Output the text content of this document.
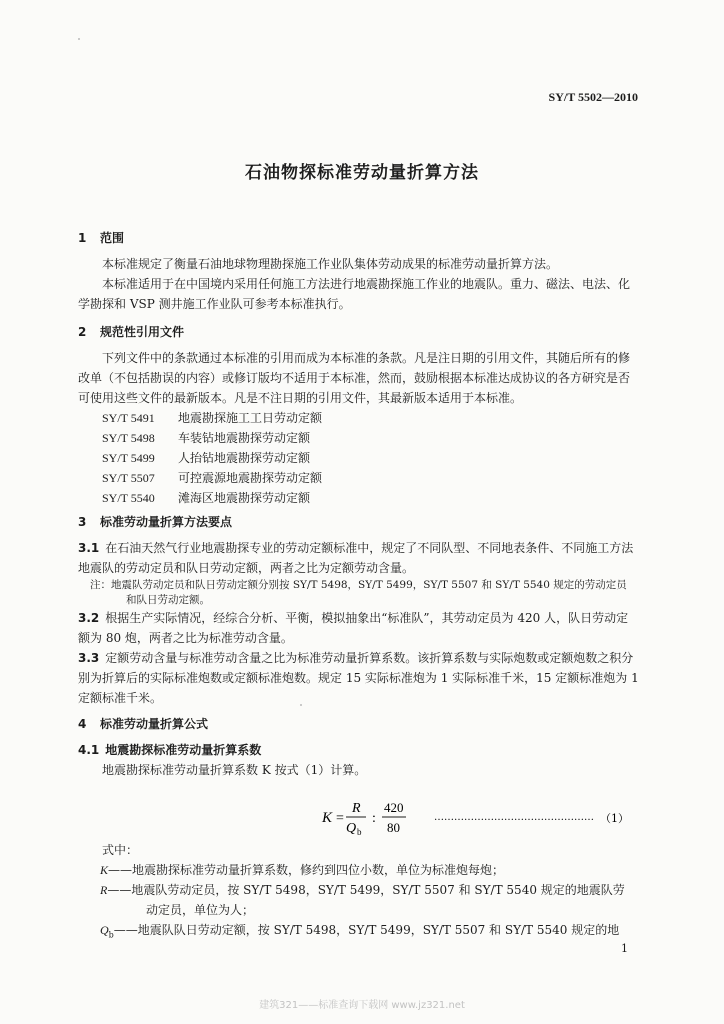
SY/T 5502—2010
石油物探标准劳动量折算方法
1 范围
本标准规定了衡量石油地球物理勘探施工作业队集体劳动成果的标准劳动量折算方法。
本标准适用于在中国境内采用任何施工方法进行地震勘探施工作业的地震队。重力、磁法、电法、化学勘探和 VSP 测井施工作业队可参考本标准执行。
2 规范性引用文件
下列文件中的条款通过本标准的引用而成为本标准的条款。凡是注日期的引用文件，其随后所有的修改单（不包括勘误的内容）或修订版均不适用于本标准，然而，鼓励根据本标准达成协议的各方研究是否可使用这些文件的最新版本。凡是不注日期的引用文件，其最新版本适用于本标准。
SY/T 5491 地震勘探施工工日劳动定额
SY/T 5498 车装钻地震勘探劳动定额
SY/T 5499 人抬钻地震勘探劳动定额
SY/T 5507 可控震源地震勘探劳动定额
SY/T 5540 滩海区地震勘探劳动定额
3 标准劳动量折算方法要点
3.1 在石油天然气行业地震勘探专业的劳动定额标准中，规定了不同队型、不同地表条件、不同施工方法地震队的劳动定员和队日劳动定额，两者之比为定额劳动含量。
注：地震队劳动定员和队日劳动定额分别按 SY/T 5498，SY/T 5499，SY/T 5507 和 SY/T 5540 规定的劳动定员
和队日劳动定额。
3.2 根据生产实际情况，经综合分析、平衡，模拟抽象出“标准队”，其劳动定员为 420 人，队日劳动定额为 80 炮，两者之比为标准劳动含量。
3.3 定额劳动含量与标准劳动含量之比为标准劳动量折算系数。该折算系数与实际炮数或定额炮数之积分别为折算后的实际标准炮数或定额标准炮数。规定 15 实际标准炮为 1 实际标准千米，15 定额标准炮为 1 定额标准千米。
4 标准劳动量折算公式
4.1 地震勘探标准劳动量折算系数
地震勘探标准劳动量折算系数 K 按式（1）计算。
K =
R
Q b
:
420
80
………………………………………… （1）
式中：
K——地震勘探标准劳动量折算系数，修约到四位小数，单位为标准炮每炮；
R——地震队劳动定员，按 SY/T 5498，SY/T 5499，SY/T 5507 和 SY/T 5540 规定的地震队劳
动定员，单位为人；
$Q_b——$地震队队日劳动定额，按 SY/T 5498，SY/T 5499，SY/T 5507 和 SY/T 5540 规定的地
1
建筑321——标准查询下载网 www.jz321.net
